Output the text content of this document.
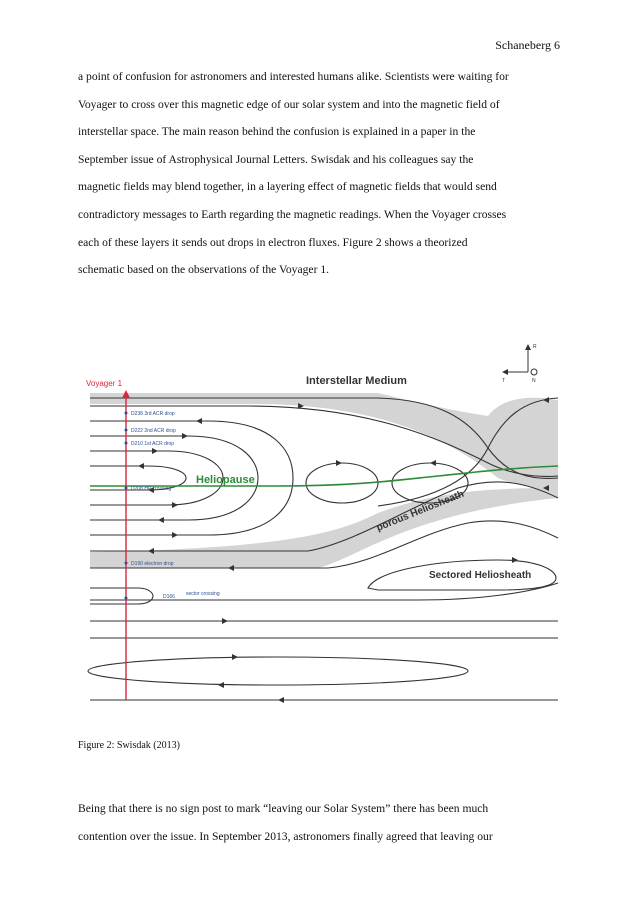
Schaneberg 6
a point of confusion for astronomers and interested humans alike. Scientists were waiting for
Voyager to cross over this magnetic edge of our solar system and into the magnetic field of
interstellar space. The main reason behind the confusion is explained in a paper in the
September issue of Astrophysical Journal Letters. Swisdak and his colleagues say the
magnetic fields may blend together, in a layering effect of magnetic fields that would send
contradictory messages to Earth regarding the magnetic readings. When the Voyager crosses
each of these layers it sends out drops in electron fluxes. Figure 2 shows a theorized
schematic based on the observations of the Voyager 1.
Voyager 1	Interstellar Medium
Heliopause
porous Heliosheath
Sectored Heliosheath
D238 3rd ACR drop
D222 2nd ACR drop
D210 1st ACR drop
D208 HP crossing
D190 electron drop
D166 sector crossing
R
T	N
Figure 2: Swisdak (2013)
Being that there is no sign post to mark “leaving our Solar System” there has been much
contention over the issue. In September 2013, astronomers finally agreed that leaving our
